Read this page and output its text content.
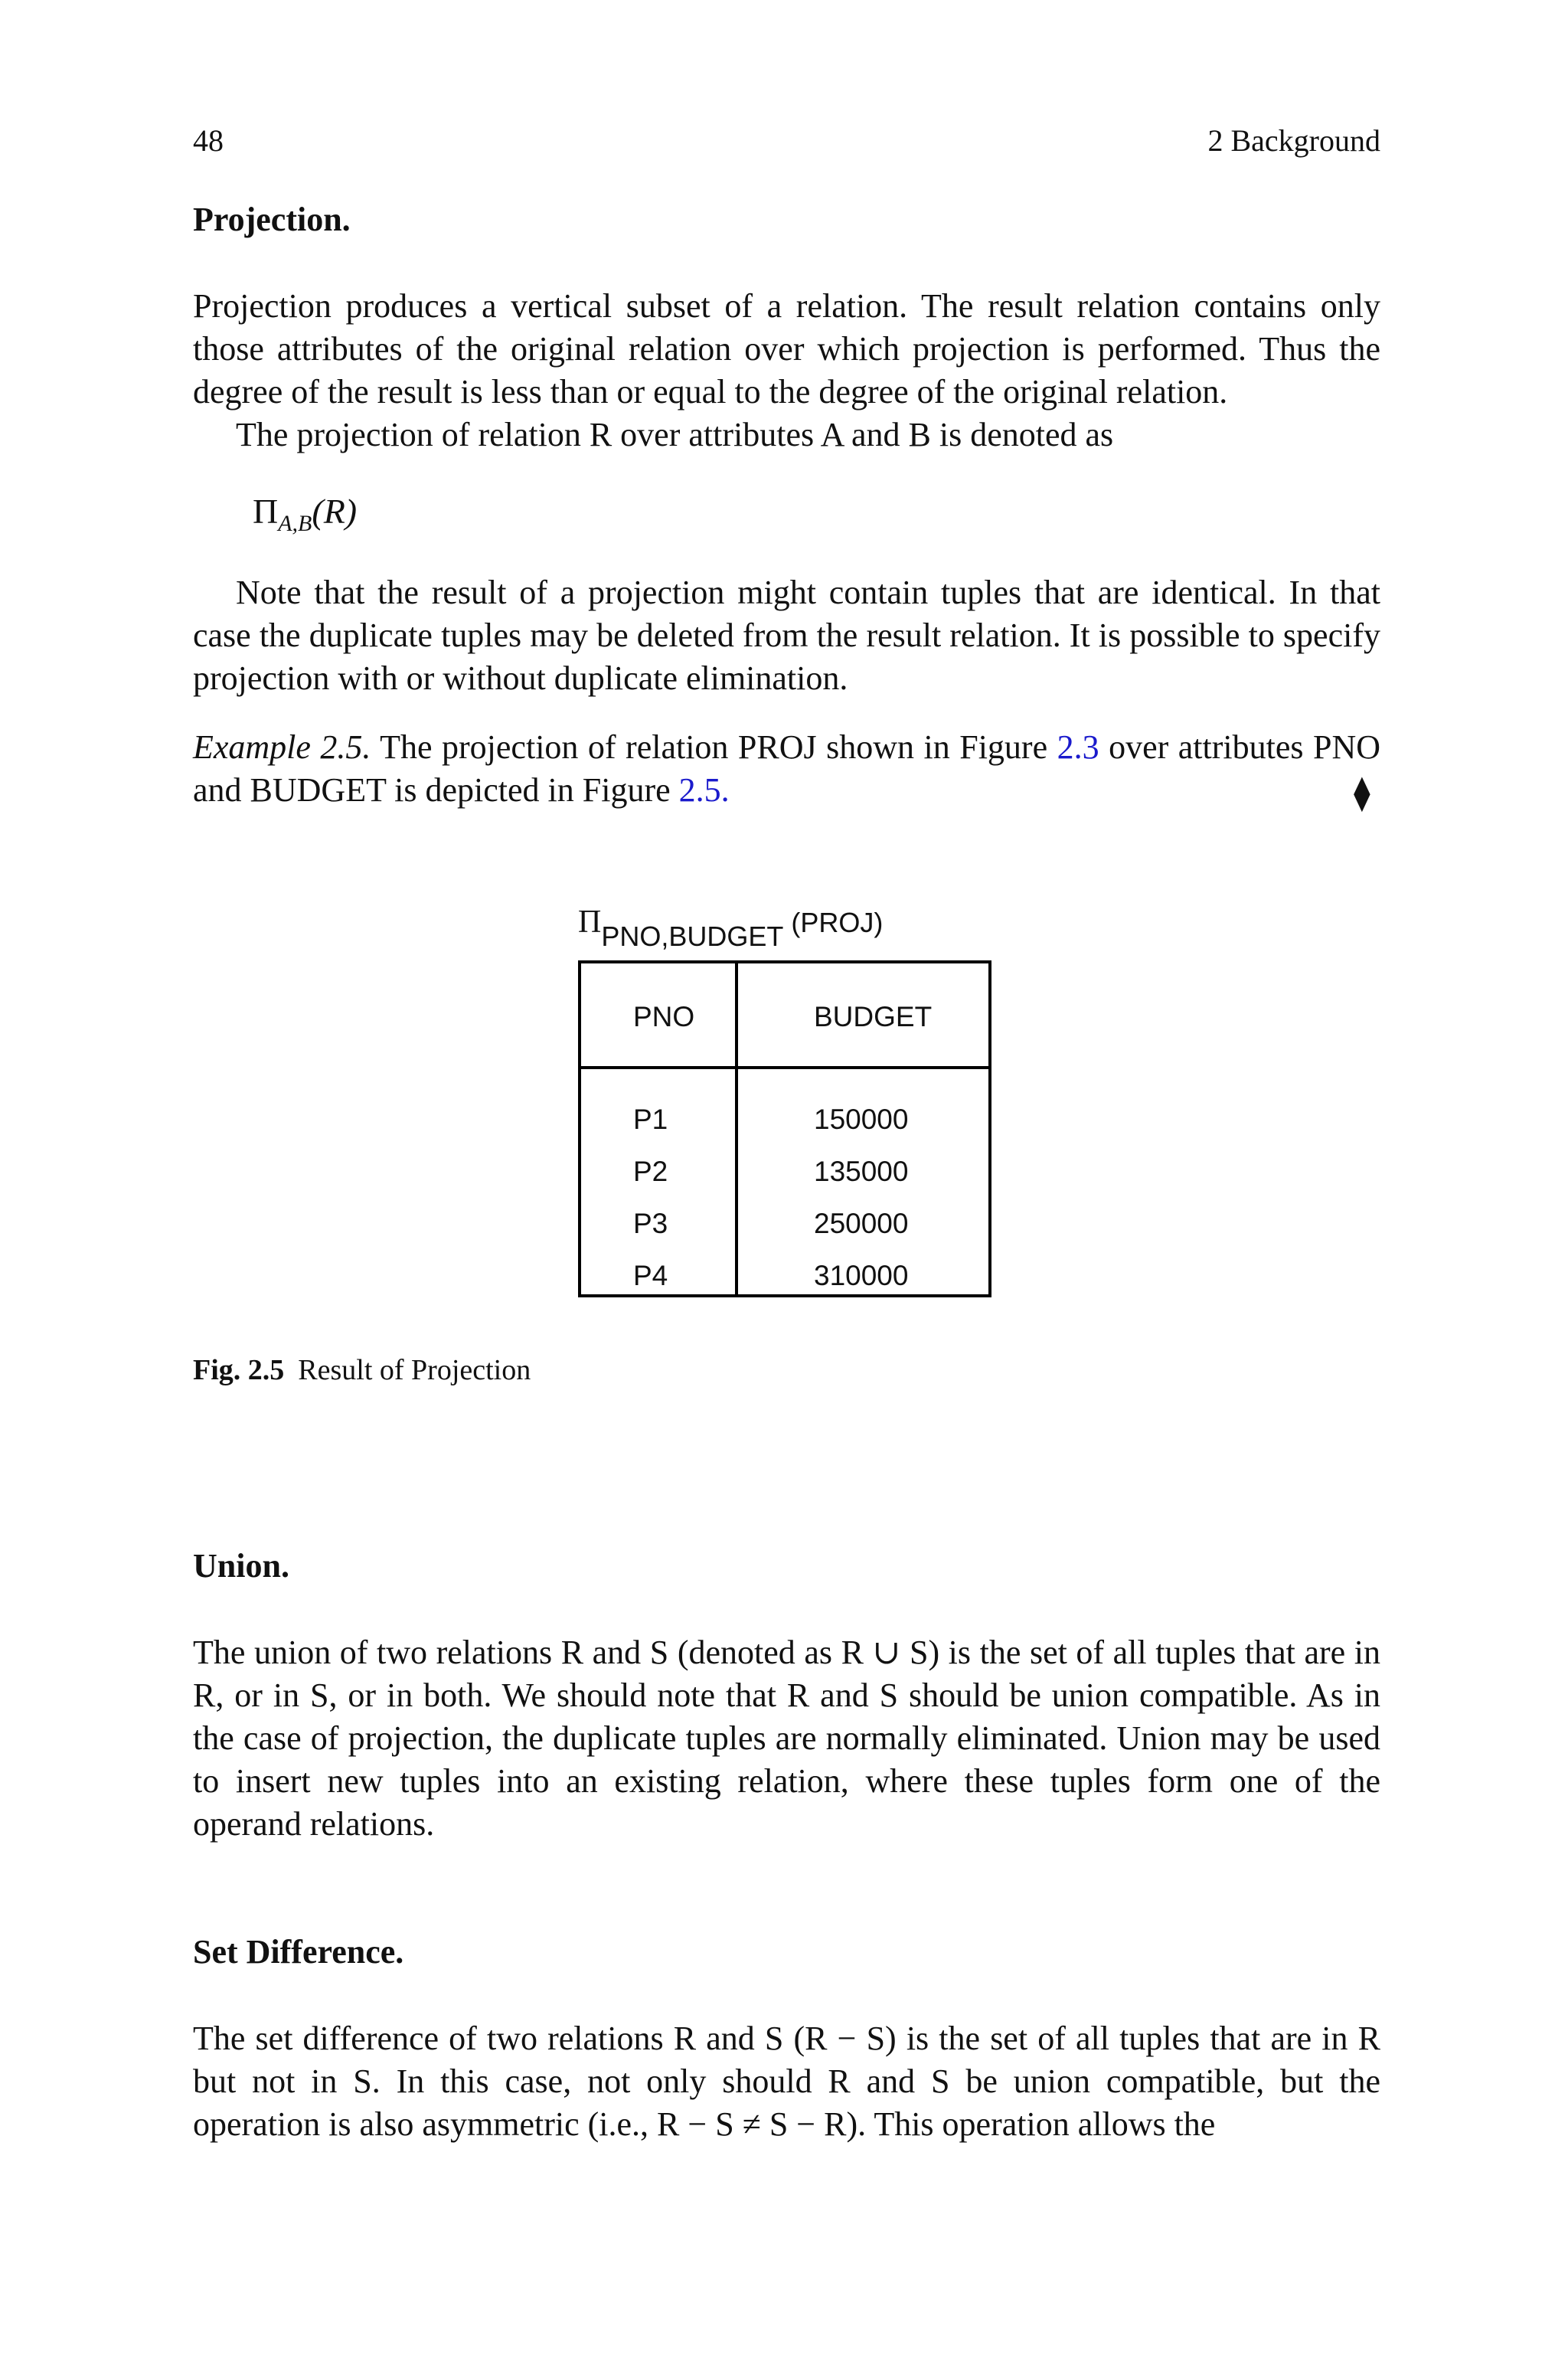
48	2 Background
Projection.
Projection produces a vertical subset of a relation. The result relation contains only those attributes of the original relation over which projection is performed. Thus the degree of the result is less than or equal to the degree of the original relation.
The projection of relation R over attributes A and B is denoted as
$\Pi_{A,B}(R)$
Note that the result of a projection might contain tuples that are identical. In that case the duplicate tuples may be deleted from the result relation. It is possible to specify projection with or without duplicate elimination.
Example 2.5. The projection of relation PROJ shown in Figure 2.3 over attributes PNO and BUDGET is depicted in Figure 2.5.	⧫
ΠPNO,BUDGET (PROJ)
PNO	BUDGET
P1	150000
P2	135000
P3	250000
P4	310000
Fig. 2.5 Result of Projection
Union.
The union of two relations R and S (denoted as R ∪ S) is the set of all tuples that are in R, or in S, or in both. We should note that R and S should be union compatible. As in the case of projection, the duplicate tuples are normally eliminated. Union may be used to insert new tuples into an existing relation, where these tuples form one of the operand relations.
Set Difference.
The set difference of two relations R and S (R − S) is the set of all tuples that are in R but not in S. In this case, not only should R and S be union compatible, but the operation is also asymmetric (i.e., R − S ≠ S − R). This operation allows the
